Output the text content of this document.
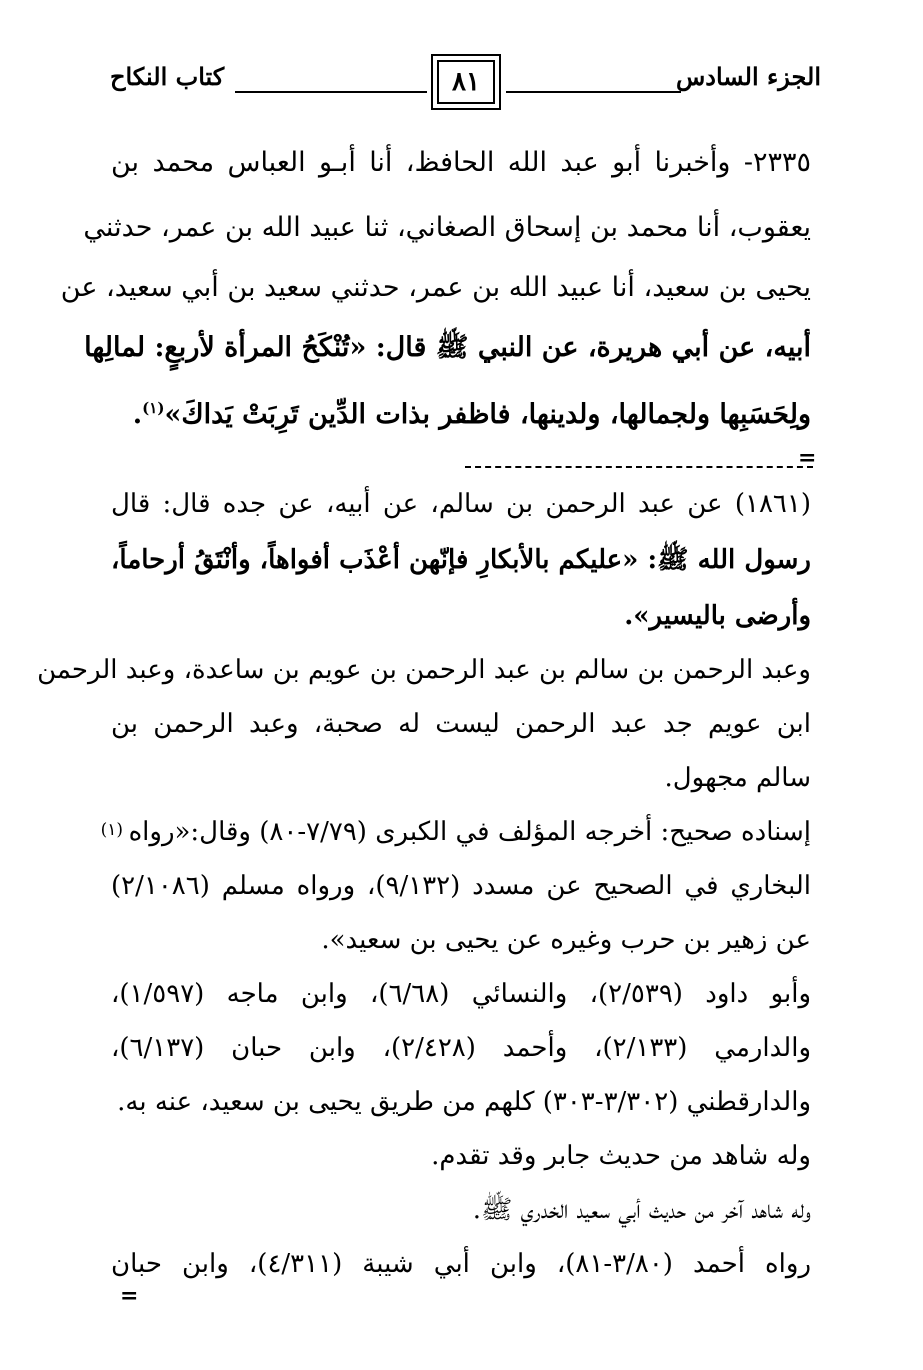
الجزء السادس
٨١
كتاب النكاح
٢٣٣٥- وأخبرنا أبو عبد الله الحافظ، أنا أبـو العباس محمد بن
يعقوب، أنا محمد بن إسحاق الصغاني، ثنا عبيد الله بن عمر، حدثني
يحيى بن سعيد، أنا عبيد الله بن عمر، حدثني سعيد بن أبي سعيد، عن
أبيه، عن أبي هريرة، عن النبي ﷺ قال: «تُنْكَحُ المرأة لأربعٍ: لمالِها
ولِحَسَبِها ولجمالها، ولدينها، فاظفر بذات الدِّين تَرِبَتْ يَداكَ»$^{(١)}$.
=
(١٨٦١) عن عبد الرحمن بن سالم، عن أبيه، عن جده قال: قال
رسول الله ﷺ: «عليكم بالأبكارِ فإنّهن أعْذَب أفواهاً، وأنْتَقُ أرحاماً،
وأرضى باليسير».
وعبد الرحمن بن سالم بن عبد الرحمن بن عويم بن ساعدة، وعبد الرحمن
ابن عويم جد عبد الرحمن ليست له صحبة، وعبد الرحمن بن
سالم مجهول.
(١) إسناده صحيح: أخرجه المؤلف في الكبرى (٧/٧٩-٨٠) وقال:«رواه
البخاري في الصحيح عن مسدد (٩/١٣٢)، ورواه مسلم (٢/١٠٨٦)
عن زهير بن حرب وغيره عن يحيى بن سعيد».
وأبو داود (٢/٥٣٩)، والنسائي (٦/٦٨)، وابن ماجه (١/٥٩٧)،
والدارمي (٢/١٣٣)، وأحمد (٢/٤٢٨)، وابن حبان (٦/١٣٧)،
والدارقطني (٣/٣٠٢-٣٠٣) كلهم من طريق يحيى بن سعيد، عنه به.
وله شاهد من حديث جابر وقد تقدم.
وله شاهد آخر من حديث أبي سعيد الخدري ﷺ.
رواه أحمد (٣/٨٠-٨١)، وابن أبي شيبة (٤/٣١١)، وابن حبان
=
